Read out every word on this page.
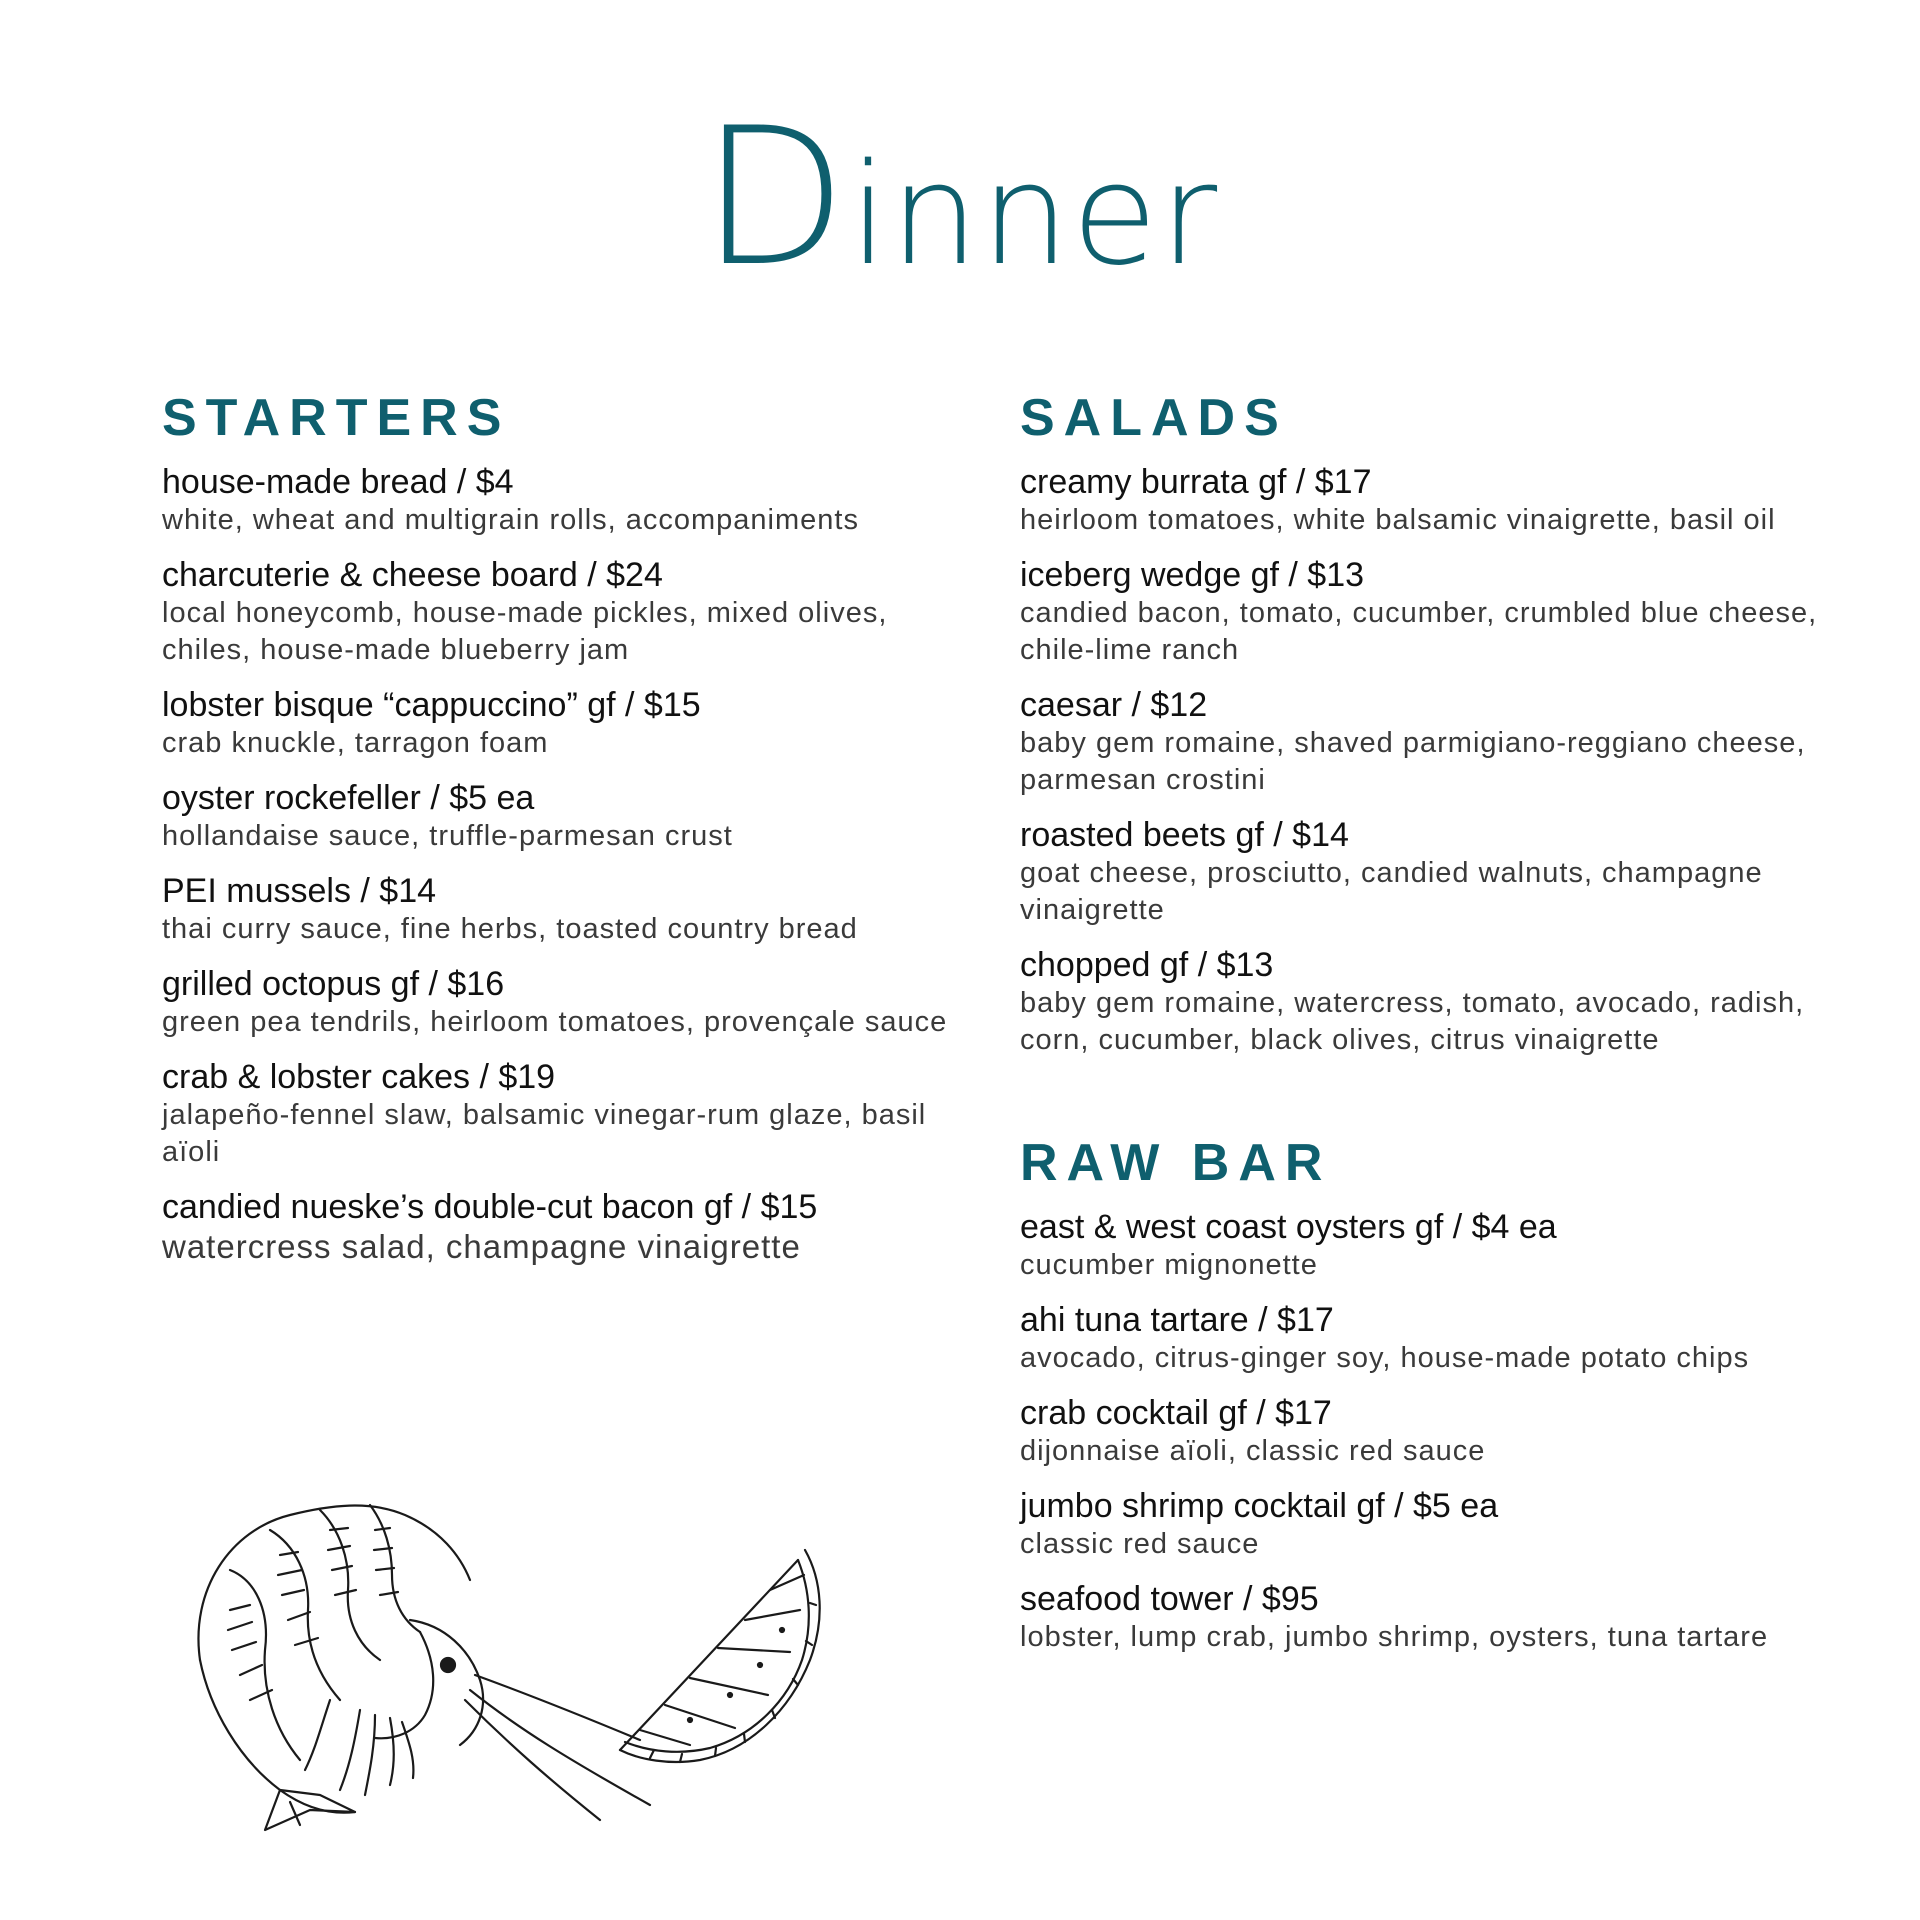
Dinner
STARTERS
house-made bread / $4
white, wheat and multigrain rolls, accompaniments
charcuterie & cheese board / $24
local honeycomb, house-made pickles, mixed olives, chiles, house-made blueberry jam
lobster bisque “cappuccino” gf / $15
crab knuckle, tarragon foam
oyster rockefeller / $5 ea
hollandaise sauce, truffle-parmesan crust
PEI mussels / $14
thai curry sauce, fine herbs, toasted country bread
grilled octopus gf / $16
green pea tendrils, heirloom tomatoes, provençale sauce
crab & lobster cakes / $19
jalapeño-fennel slaw, balsamic vinegar-rum glaze, basil aïoli
candied nueske’s double-cut bacon gf / $15
watercress salad, champagne vinaigrette
SALADS
creamy burrata gf / $17
heirloom tomatoes, white balsamic vinaigrette, basil oil
iceberg wedge gf / $13
candied bacon, tomato, cucumber, crumbled blue cheese, chile-lime ranch
caesar / $12
baby gem romaine, shaved parmigiano-reggiano cheese, parmesan crostini
roasted beets gf / $14
goat cheese, prosciutto, candied walnuts, champagne vinaigrette
chopped gf / $13
baby gem romaine, watercress, tomato, avocado, radish, corn, cucumber, black olives, citrus vinaigrette
RAW BAR
east & west coast oysters gf / $4 ea
cucumber mignonette
ahi tuna tartare / $17
avocado, citrus-ginger soy, house-made potato chips
crab cocktail gf / $17
dijonnaise aïoli, classic red sauce
jumbo shrimp cocktail gf / $5 ea
classic red sauce
seafood tower / $95
lobster, lump crab, jumbo shrimp, oysters, tuna tartare
